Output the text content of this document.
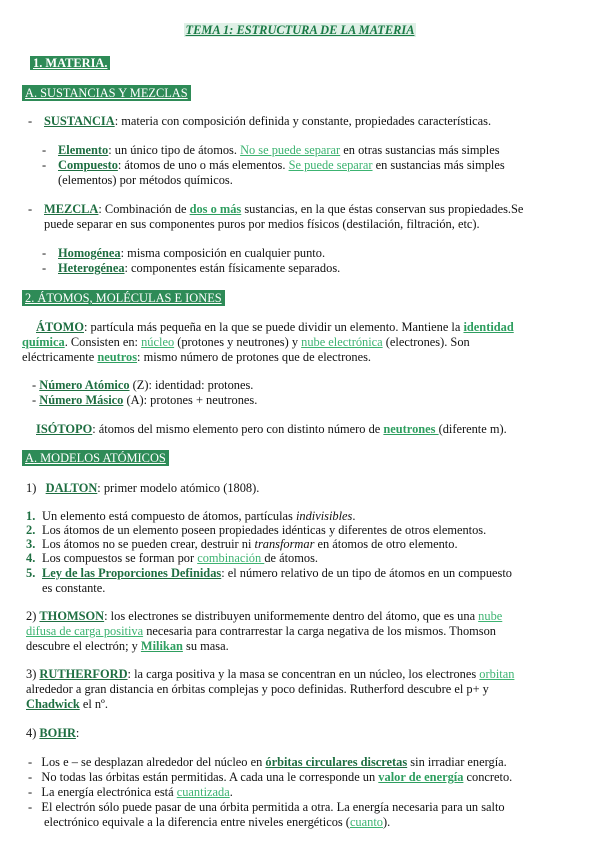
TEMA 1: ESTRUCTURA DE LA MATERIA
1. MATERIA.
A. SUSTANCIAS Y MEZCLAS
- SUSTANCIA: materia con composición definida y constante, propiedades características.
- Elemento: un único tipo de átomos. No se puede separar en otras sustancias más simples
- Compuesto: átomos de uno o más elementos. Se puede separar en sustancias más simples
(elementos) por métodos químicos.
- MEZCLA: Combinación de dos o más sustancias, en la que éstas conservan sus propiedades.Se
puede separar en sus componentes puros por medios físicos (destilación, filtración, etc).
- Homogénea: misma composición en cualquier punto.
- Heterogénea: componentes están físicamente separados.
2. ÁTOMOS, MOLÉCULAS E IONES
ÁTOMO: partícula más pequeña en la que se puede dividir un elemento. Mantiene la identidad
química. Consisten en: núcleo (protones y neutrones) y nube electrónica (electrones). Son
eléctricamente neutros: mismo número de protones que de electrones.
- Número Atómico (Z): identidad: protones.
- Número Másico (A): protones + neutrones.
ISÓTOPO: átomos del mismo elemento pero con distinto número de neutrones (diferente m).
A. MODELOS ATÓMICOS
1) DALTON: primer modelo atómico (1808).
1. Un elemento está compuesto de átomos, partículas indivisibles.
2. Los átomos de un elemento poseen propiedades idénticas y diferentes de otros elementos.
3. Los átomos no se pueden crear, destruir ni transformar en átomos de otro elemento.
4. Los compuestos se forman por combinación de átomos.
5. Ley de las Proporciones Definidas: el número relativo de un tipo de átomos en un compuesto
es constante.
2) THOMSON: los electrones se distribuyen uniformemente dentro del átomo, que es una nube
difusa de carga positiva necesaria para contrarrestar la carga negativa de los mismos. Thomson
descubre el electrón; y Milikan su masa.
3) RUTHERFORD: la carga positiva y la masa se concentran en un núcleo, los electrones orbitan
alrededor a gran distancia en órbitas complejas y poco definidas. Rutherford descubre el p+ y
Chadwick el nº.
4) BOHR:
-   Los e – se desplazan alrededor del núcleo en órbitas circulares discretas sin irradiar energía.
-   No todas las órbitas están permitidas. A cada una le corresponde un valor de energía concreto.
-   La energía electrónica está cuantizada.
-   El electrón sólo puede pasar de una órbita permitida a otra. La energía necesaria para un salto
electrónico equivale a la diferencia entre niveles energéticos (cuanto).
